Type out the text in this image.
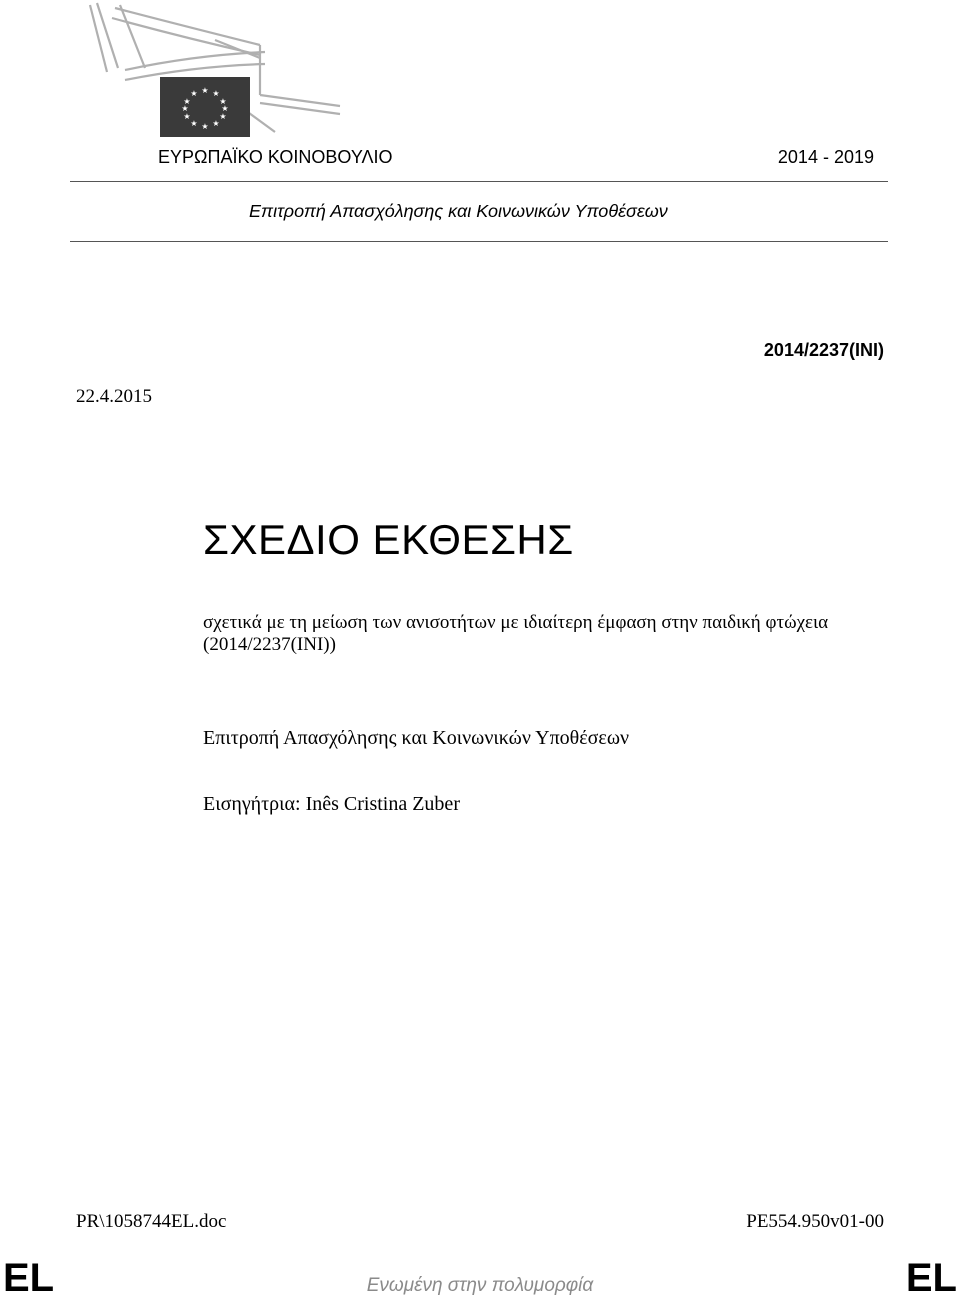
★ ★
★
★
★
★
★
★
★
★
★
★
ΕΥΡΩΠΑΪΚΟ ΚΟΙΝΟΒΟΥΛΙΟ	2014 - 2019
Επιτροπή Απασχόλησης και Κοινωνικών Υποθέσεων
2014/2237(INI)
22.4.2015
ΣΧΕΔΙΟ ΕΚΘΕΣΗΣ
σχετικά με τη μείωση των ανισοτήτων με ιδιαίτερη έμφαση στην παιδική φτώχεια
(2014/2237(INI))
Επιτροπή Απασχόλησης και Κοινωνικών Υποθέσεων
Εισηγήτρια: Inês Cristina Zuber
PR\1058744EL.doc	PE554.950v01-00
EL	EL
Ενωμένη στην πολυμορφία
